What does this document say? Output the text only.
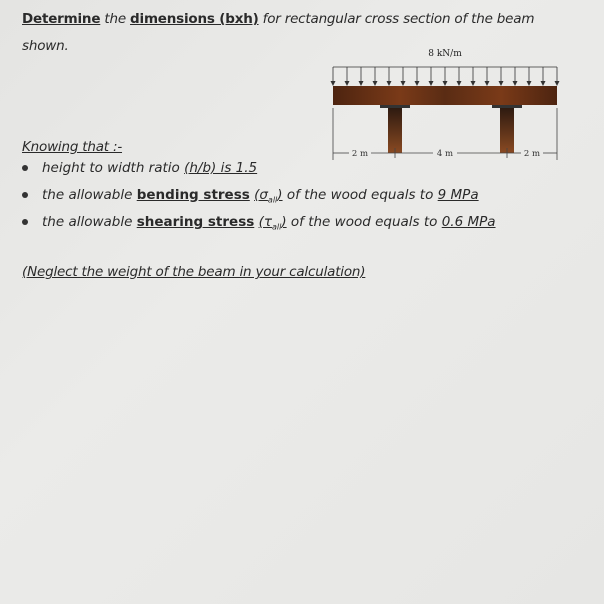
Determine the dimensions (bxh) for rectangular cross section of the beam
shown.
Knowing that :-
height to width ratio (h/b) is 1.5
the allowable bending stress $(\sigma_{all})$ of the wood equals to 9 MPa
the allowable shearing stress $(\tau_{all})$ of the wood equals to 0.6 MPa
(Neglect the weight of the beam in your calculation)
8 kN/m
2 m	4 m	2 m
